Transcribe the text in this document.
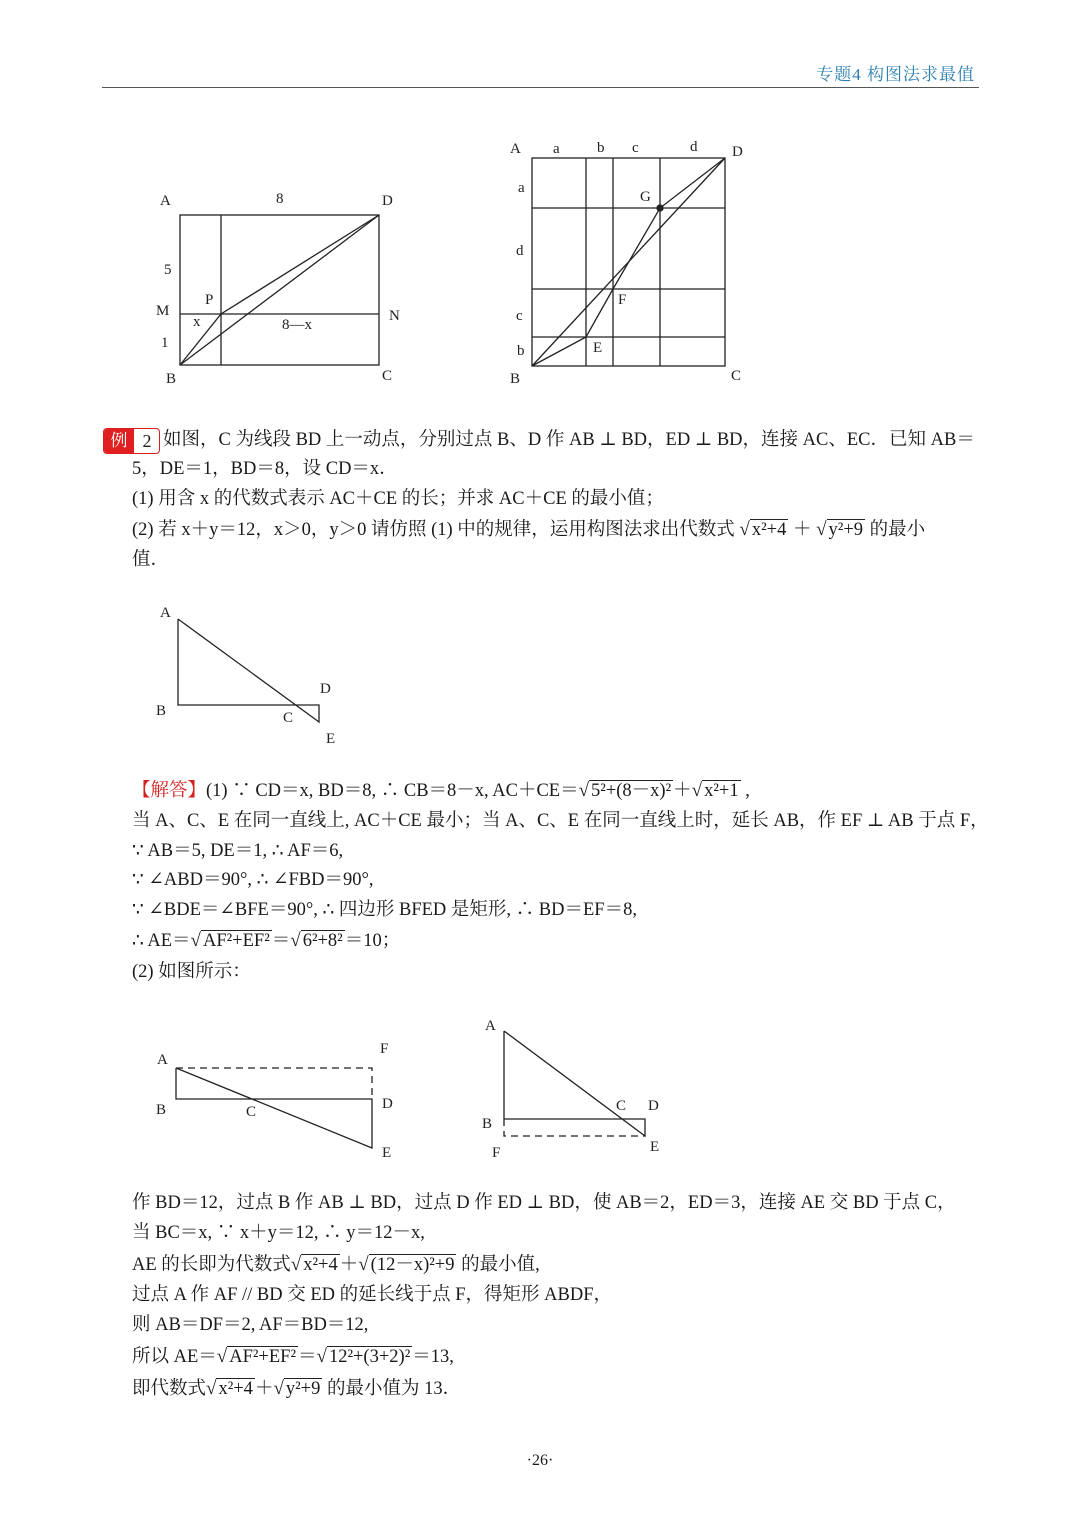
专题4 构图法求最值
A	8	D
5
M
P
x	8—x
N
1
B	C
A a b c	d D
a
G
d
F
c
b	E
B	C
A
B	C
D
E
A
F
B	C	D
E
A
B
C D
E
F
例 2 如图，C 为线段 BD 上一动点，分别过点 B、D 作 AB ⊥ BD，ED ⊥ BD，连接 AC、EC．已知 AB＝
5，DE＝1，BD＝8，设 CD＝x．
(1) 用含 x 的代数式表示 AC＋CE 的长；并求 AC＋CE 的最小值；
(2) 若 x＋y＝12，x＞0，y＞0 请仿照 (1) 中的规律，运用构图法求出代数式 √ x²+4 ＋ √ y²+9 的最小
值．
【解答】(1) ∵ CD＝x, BD＝8, ∴ CB＝8－x, AC＋CE＝√ 5²+(8－x)² ＋√ x²+1 ,
当 A、C、E 在同一直线上, AC＋CE 最小；当 A、C、E 在同一直线上时，延长 AB，作 EF ⊥ AB 于点 F，
∵ AB＝5, DE＝1, ∴ AF＝6,
∵ ∠ABD＝90°, ∴ ∠FBD＝90°,
∵ ∠BDE＝∠BFE＝90°, ∴ 四边形 BFED 是矩形, ∴ BD＝EF＝8,
∴ AE＝√ AF²+EF² ＝√ 6²+8² ＝10；
(2) 如图所示：
作 BD＝12，过点 B 作 AB ⊥ BD，过点 D 作 ED ⊥ BD，使 AB＝2，ED＝3，连接 AE 交 BD 于点 C，
当 BC＝x, ∵ x＋y＝12, ∴ y＝12－x,
AE 的长即为代数式√ x²+4 ＋√ (12－x)²+9 的最小值,
过点 A 作 AF // BD 交 ED 的延长线于点 F，得矩形 ABDF，
则 AB＝DF＝2, AF＝BD＝12,
所以 AE＝√ AF²+EF² ＝√ 12²+(3+2)² ＝13,
即代数式√ x²+4 ＋√ y²+9 的最小值为 13．
·26·
